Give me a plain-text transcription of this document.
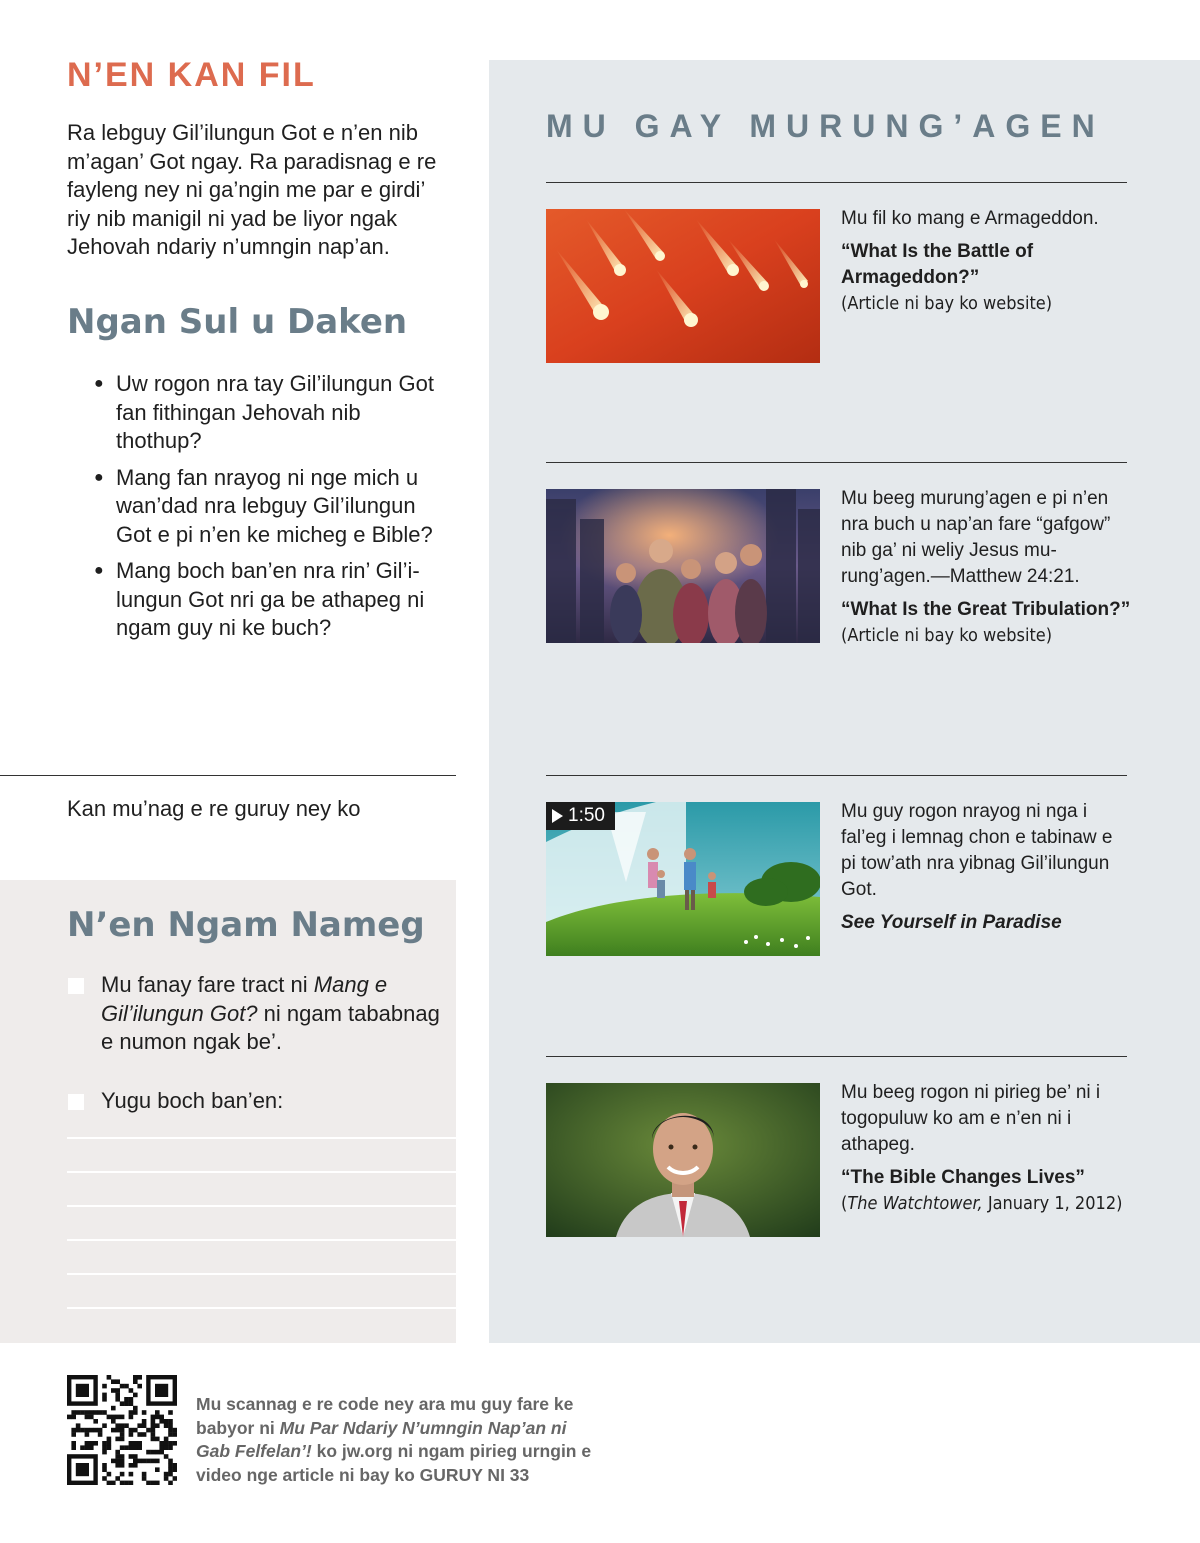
N’EN KAN FIL

Ra lebguy Gil’ilungun Got e n’en nib m’agan’ Got ngay. Ra paradisnag e re fayleng ney ni ga’ngin me par e girdi’ riy nib manigil ni yad be liyor ngak Jehovah ndariy n’umngin nap’an.

Ngan Sul u Daken
● Uw rogon nra tay Gil’ilungun Got fan fithingan Jehovah nib thothup?
● Mang fan nrayog ni nge mich u wan’dad nra lebguy Gil’ilungun Got e pi n’en ke micheg e Bible?
● Mang boch ban’en nra rin’ Gil’ilungun Got nri ga be athapeg ni ngam guy ni ke buch?

Kan mu’nag e re guruy ney ko

N’en Ngam Nameg
Mu fanay fare tract ni Mang e Gil’ilungun Got? ni ngam tababnag e numon ngak be’.
Yugu boch ban’en:
MU GAY MURUNG’AGEN

Mu fil ko mang e Armageddon.

“What Is the Battle of Armageddon?”

(Article ni bay ko website)

Mu beeg murung’agen e pi n’en nra buch u nap’an fare “gafgow” nib ga’ ni weliy Jesus murung’agen.—Matthew 24:21.

“What Is the Great Tribulation?”

(Article ni bay ko website)

1:50	Mu guy rogon nrayog ni nga i fal’eg i lemnag chon e tabinaw e pi tow’ath nra yibnag Gil’ilungun Got.

See Yourself in Paradise

Mu beeg rogon ni pirieg be’ ni i togopuluw ko am e n’en ni i athapeg.

“The Bible Changes Lives”

(The Watchtower, January 1, 2012)

Mu scannag e re code ney ara mu guy fare ke babyor ni Mu Par Ndariy N’umngin Nap’an ni Gab Felfelan’! ko jw.org ni ngam pirieg urngin e video nge article ni bay ko GURUY NI 33
